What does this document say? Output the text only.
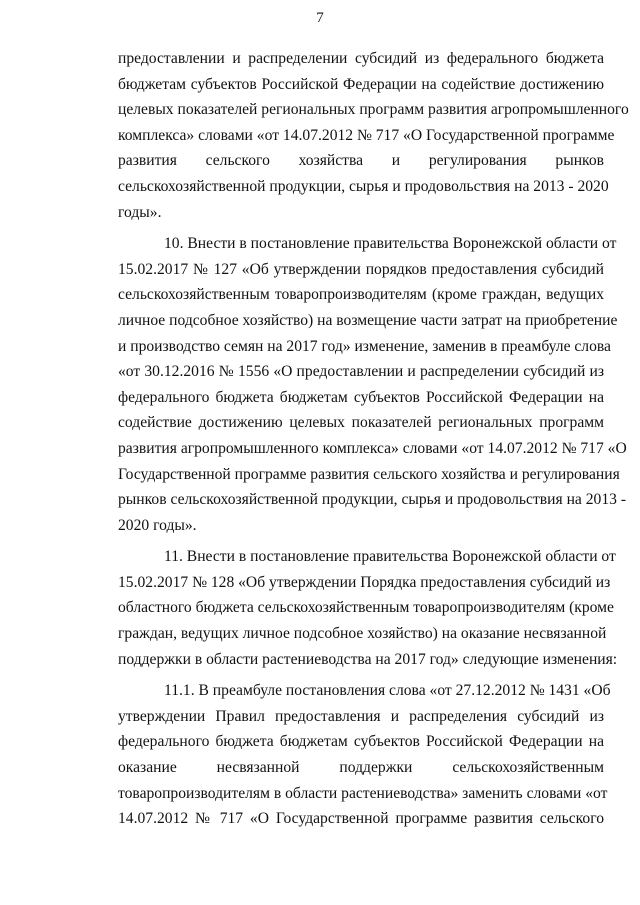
7

предоставлении и распределении субсидий из федерального бюджета

бюджетам субъектов Российской Федерации на содействие достижению

целевых показателей региональных программ развития агропромышленного

комплекса» словами «от 14.07.2012 № 717 «О Государственной программе

развития сельского хозяйства и регулирования рынков

сельскохозяйственной продукции, сырья и продовольствия на 2013 - 2020

годы».

10. Внести в постановление правительства Воронежской области от

15.02.2017 № 127 «Об утверждении порядков предоставления субсидий

сельскохозяйственным товаропроизводителям (кроме граждан, ведущих

личное подсобное хозяйство) на возмещение части затрат на приобретение

и производство семян на 2017 год» изменение, заменив в преамбуле слова

«от 30.12.2016 № 1556 «О предоставлении и распределении субсидий из

федерального бюджета бюджетам субъектов Российской Федерации на

содействие достижению целевых показателей региональных программ

развития агропромышленного комплекса» словами «от 14.07.2012 № 717 «О

Государственной программе развития сельского хозяйства и регулирования

рынков сельскохозяйственной продукции, сырья и продовольствия на 2013 -

2020 годы».

11. Внести в постановление правительства Воронежской области от

15.02.2017 № 128 «Об утверждении Порядка предоставления субсидий из

областного бюджета сельскохозяйственным товаропроизводителям (кроме

граждан, ведущих личное подсобное хозяйство) на оказание несвязанной

поддержки в области растениеводства на 2017 год» следующие изменения:

11.1. В преамбуле постановления слова «от 27.12.2012 № 1431 «Об

утверждении Правил предоставления и распределения субсидий из

федерального бюджета бюджетам субъектов Российской Федерации на

оказание несвязанной поддержки сельскохозяйственным

товаропроизводителям в области растениеводства» заменить словами «от

14.07.2012 № 717 «О Государственной программе развития сельского
